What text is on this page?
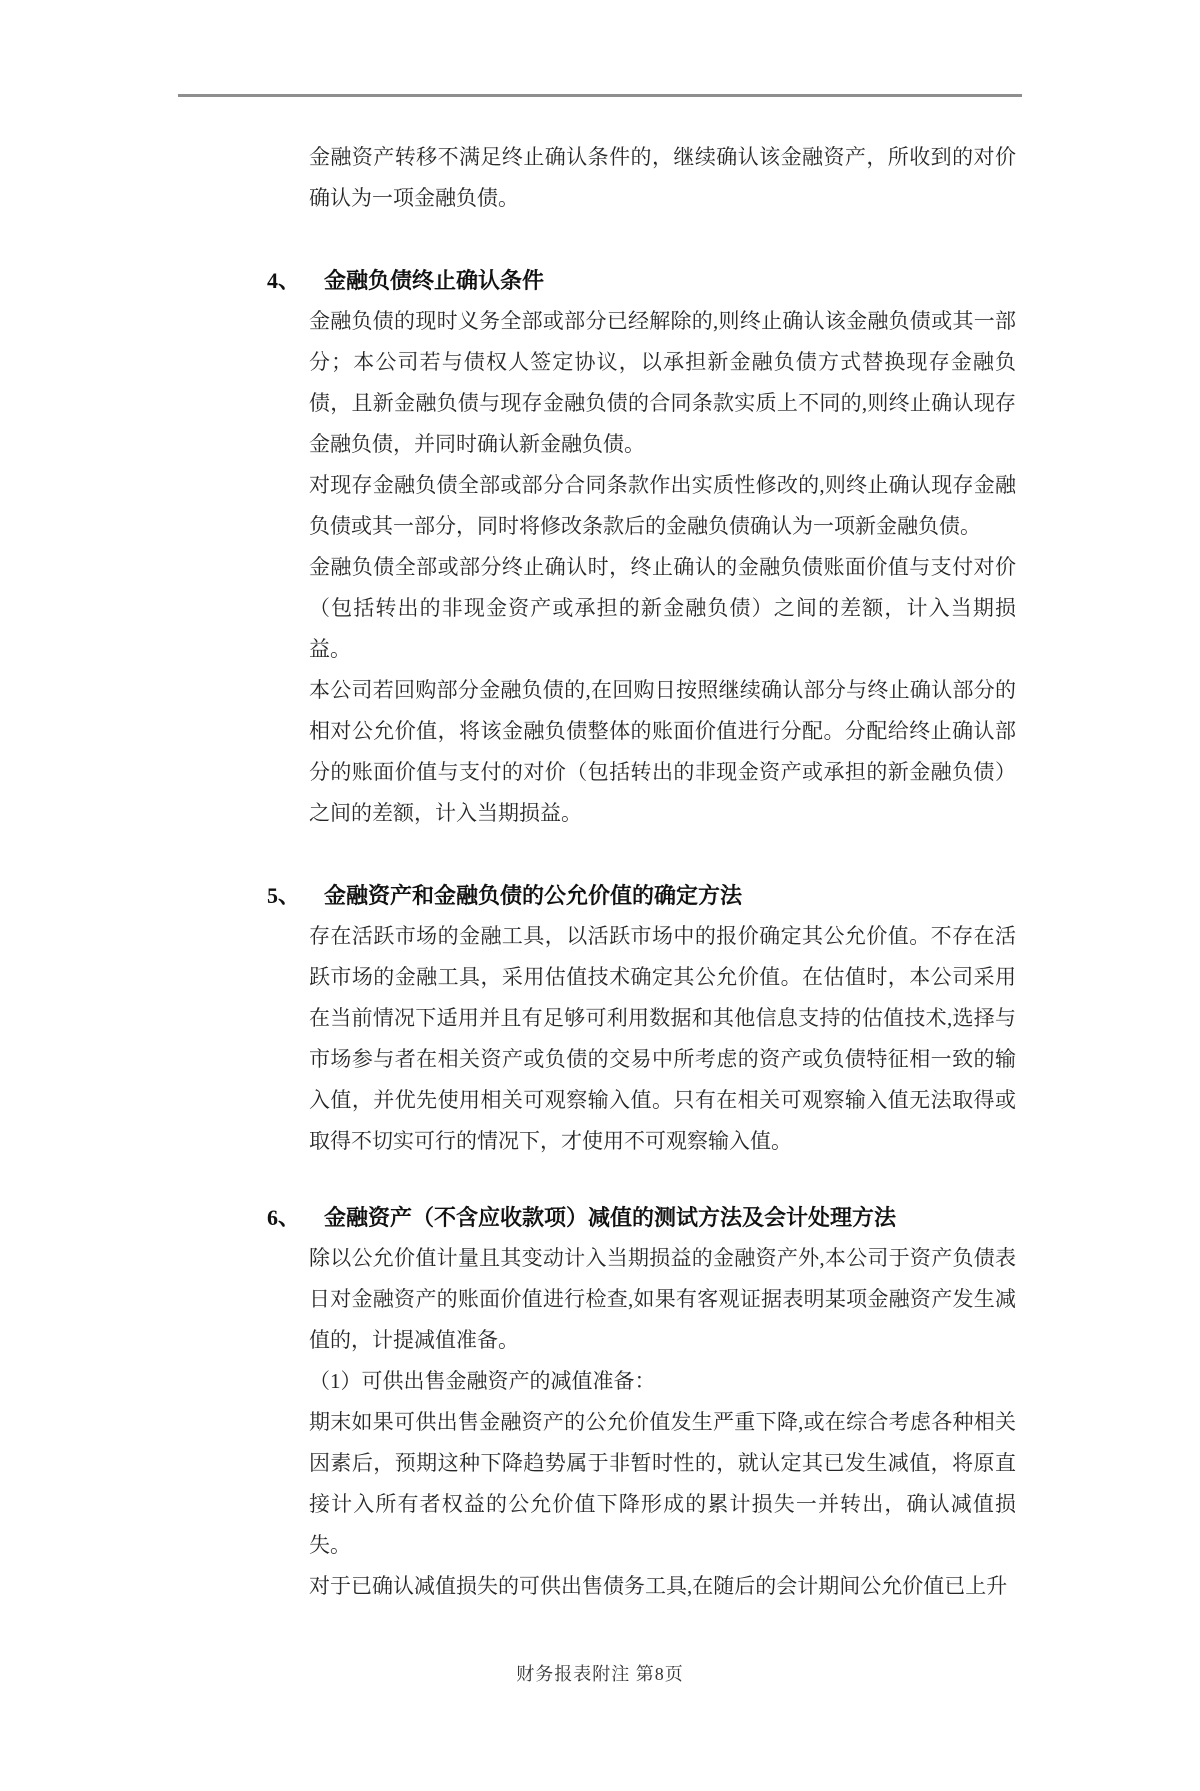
金融资产转移不满足终止确认条件的，继续确认该金融资产，所收到的对价确认为一项金融负债。

4、	金融负债终止确认条件

金融负债的现时义务全部或部分已经解除的,则终止确认该金融负债或其一部分；本公司若与债权人签定协议，以承担新金融负债方式替换现存金融负债，且新金融负债与现存金融负债的合同条款实质上不同的,则终止确认现存金融负债，并同时确认新金融负债。

对现存金融负债全部或部分合同条款作出实质性修改的,则终止确认现存金融负债或其一部分，同时将修改条款后的金融负债确认为一项新金融负债。

金融负债全部或部分终止确认时，终止确认的金融负债账面价值与支付对价（包括转出的非现金资产或承担的新金融负债）之间的差额，计入当期损益。

本公司若回购部分金融负债的,在回购日按照继续确认部分与终止确认部分的相对公允价值，将该金融负债整体的账面价值进行分配。分配给终止确认部分的账面价值与支付的对价（包括转出的非现金资产或承担的新金融负债）之间的差额，计入当期损益。

5、	金融资产和金融负债的公允价值的确定方法

存在活跃市场的金融工具，以活跃市场中的报价确定其公允价值。不存在活跃市场的金融工具，采用估值技术确定其公允价值。在估值时，本公司采用在当前情况下适用并且有足够可利用数据和其他信息支持的估值技术,选择与市场参与者在相关资产或负债的交易中所考虑的资产或负债特征相一致的输入值，并优先使用相关可观察输入值。只有在相关可观察输入值无法取得或取得不切实可行的情况下，才使用不可观察输入值。

6、	金融资产（不含应收款项）减值的测试方法及会计处理方法

除以公允价值计量且其变动计入当期损益的金融资产外,本公司于资产负债表日对金融资产的账面价值进行检查,如果有客观证据表明某项金融资产发生减值的，计提减值准备。

（1）可供出售金融资产的减值准备：

期末如果可供出售金融资产的公允价值发生严重下降,或在综合考虑各种相关因素后，预期这种下降趋势属于非暂时性的，就认定其已发生减值，将原直接计入所有者权益的公允价值下降形成的累计损失一并转出，确认减值损失。

对于已确认减值损失的可供出售债务工具,在随后的会计期间公允价值已上升

财务报表附注 第8页
